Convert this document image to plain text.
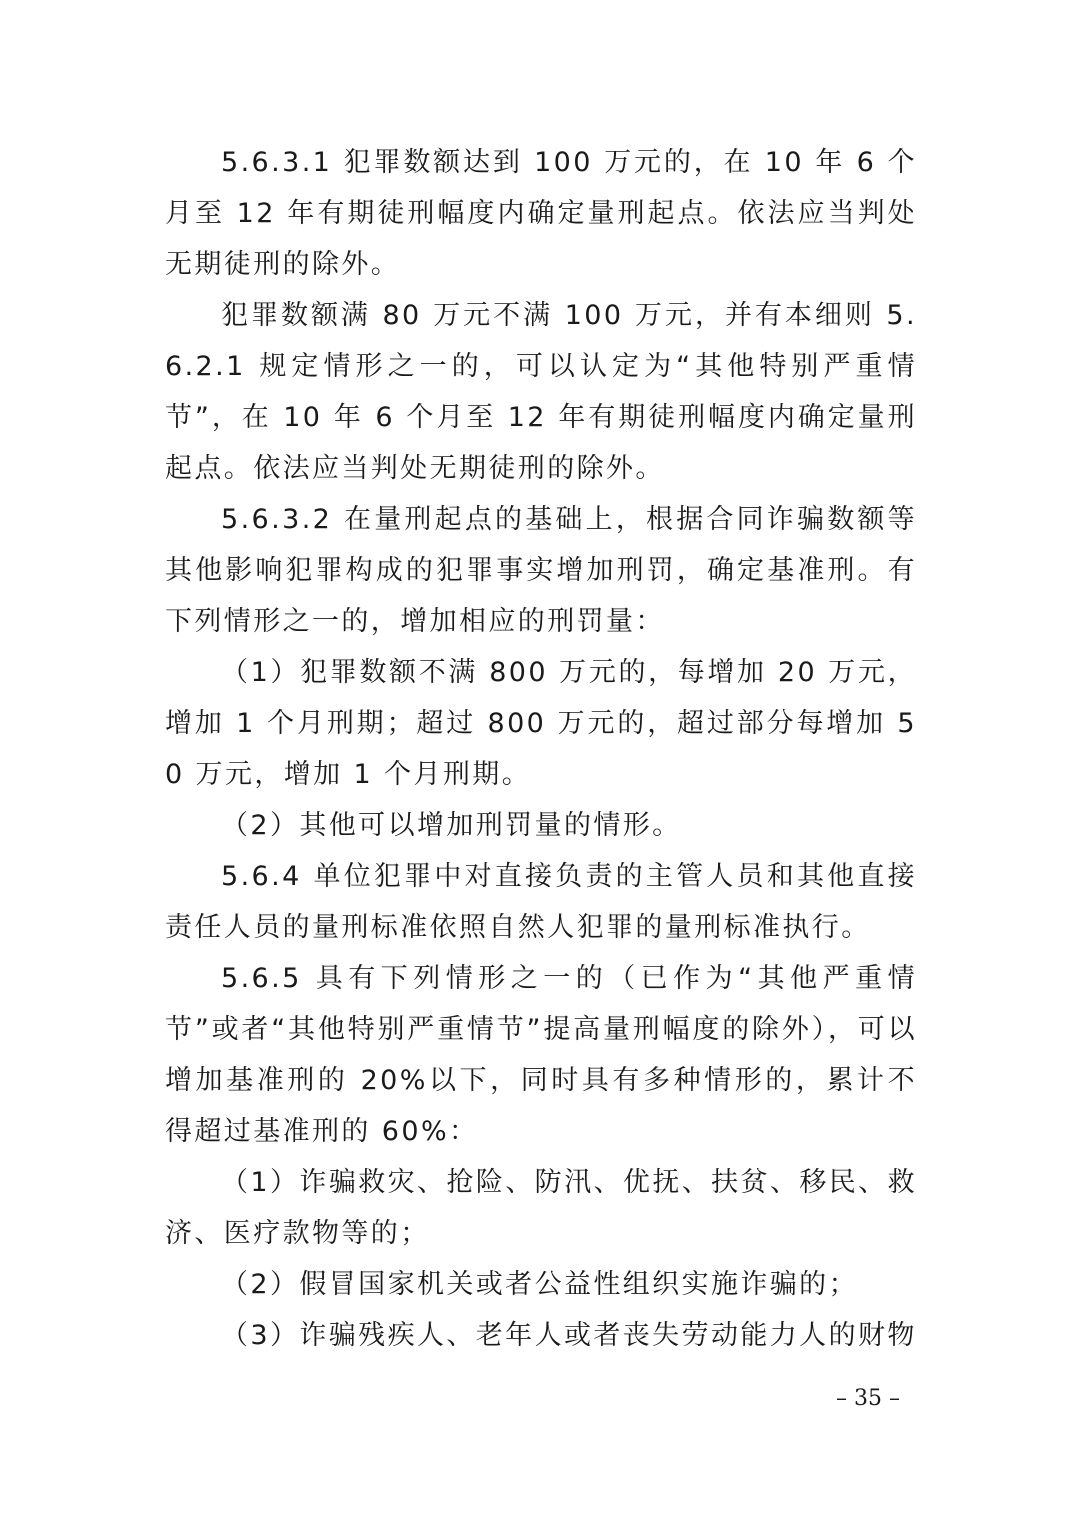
5.6.3.1 犯罪数额达到 100 万元的，在 10 年 6 个月至 12 年有期徒刑幅度内确定量刑起点。依法应当判处无期徒刑的除外。

犯罪数额满 80 万元不满 100 万元，并有本细则 5.6.2.1 规定情形之一的，可以认定为“其他特别严重情节”，在 10 年 6 个月至 12 年有期徒刑幅度内确定量刑起点。依法应当判处无期徒刑的除外。

5.6.3.2 在量刑起点的基础上，根据合同诈骗数额等其他影响犯罪构成的犯罪事实增加刑罚，确定基准刑。有下列情形之一的，增加相应的刑罚量：

（1）犯罪数额不满 800 万元的，每增加 20 万元，增加 1 个月刑期；超过 800 万元的，超过部分每增加 50 万元，增加 1 个月刑期。

（2）其他可以增加刑罚量的情形。

5.6.4 单位犯罪中对直接负责的主管人员和其他直接责任人员的量刑标准依照自然人犯罪的量刑标准执行。

5.6.5 具有下列情形之一的（已作为“其他严重情节”或者“其他特别严重情节”提高量刑幅度的除外），可以增加基准刑的 20%以下，同时具有多种情形的，累计不得超过基准刑的 60%：

（1）诈骗救灾、抢险、防汛、优抚、扶贫、移民、救济、医疗款物等的；

（2）假冒国家机关或者公益性组织实施诈骗的；

（3）诈骗残疾人、老年人或者丧失劳动能力人的财物

– 35 –
